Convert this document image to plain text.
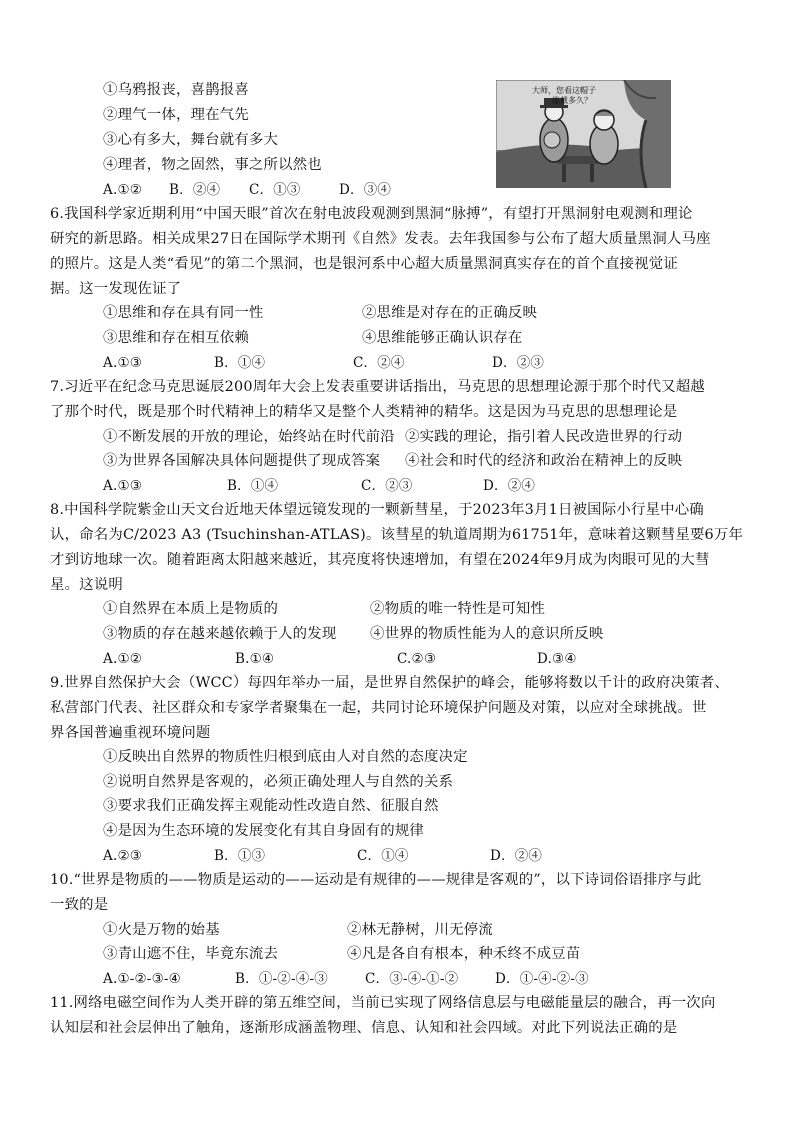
大师，您看这帽子
能戴多久？
①乌鸦报丧，喜鹊报喜
②理气一体，理在气先
③心有多大，舞台就有多大
④理者，物之固然，事之所以然也
A.①② B．②④ C．①③	D．③④
6.我国科学家近期利用“中国天眼”首次在射电波段观测到黑洞“脉搏”，有望打开黑洞射电观测和理论
研究的新思路。相关成果27日在国际学术期刊《自然》发表。去年我国参与公布了超大质量黑洞人马座
的照片。这是人类“看见”的第二个黑洞，也是银河系中心超大质量黑洞真实存在的首个直接视觉证
据。这一发现佐证了
①思维和存在具有同一性	②思维是对存在的正确反映
③思维和存在相互依赖	④思维能够正确认识存在
A.①③	B．①④	C．②④	D．②③
7.习近平在纪念马克思诞辰200周年大会上发表重要讲话指出，马克思的思想理论源于那个时代又超越
了那个时代，既是那个时代精神上的精华又是整个人类精神的精华。这是因为马克思的思想理论是
①不断发展的开放的理论，始终站在时代前沿 ②实践的理论，指引着人民改造世界的行动
③为世界各国解决具体问题提供了现成答案 ④社会和时代的经济和政治在精神上的反映
A.①③	B．①④	C．②③	D．②④
8.中国科学院紫金山天文台近地天体望远镜发现的一颗新彗星，于2023年3月1日被国际小行星中心确
认，命名为C/2023 A3 (Tsuchinshan-ATLAS)。该彗星的轨道周期为61751年，意味着这颗彗星要6万年
才到访地球一次。随着距离太阳越来越近，其亮度将快速增加，有望在2024年9月成为肉眼可见的大彗
星。这说明
①自然界在本质上是物质的	②物质的唯一特性是可知性
③物质的存在越来越依赖于人的发现 ④世界的物质性能为人的意识所反映
A.①②	B.①④	C.②③	D.③④
9.世界自然保护大会（WCC）每四年举办一届，是世界自然保护的峰会，能够将数以千计的政府决策者、
私营部门代表、社区群众和专家学者聚集在一起，共同讨论环境保护问题及对策，以应对全球挑战。世
界各国普遍重视环境问题
①反映出自然界的物质性归根到底由人对自然的态度决定
②说明自然界是客观的，必须正确处理人与自然的关系
③要求我们正确发挥主观能动性改造自然、征服自然
④是因为生态环境的发展变化有其自身固有的规律
A.②③	B．①③	C．①④	D．②④
10.“世界是物质的——物质是运动的——运动是有规律的——规律是客观的”，以下诗词俗语排序与此
一致的是
①火是万物的始基	②林无静树，川无停流
③青山遮不住，毕竟东流去	④凡是各自有根本，种禾终不成豆苗
A.①-②-③-④	B．①-②-④-③	C．③-④-①-②	D．①-④-②-③
11.网络电磁空间作为人类开辟的第五维空间，当前已实现了网络信息层与电磁能量层的融合，再一次向
认知层和社会层伸出了触角，逐渐形成涵盖物理、信息、认知和社会四域。对此下列说法正确的是
